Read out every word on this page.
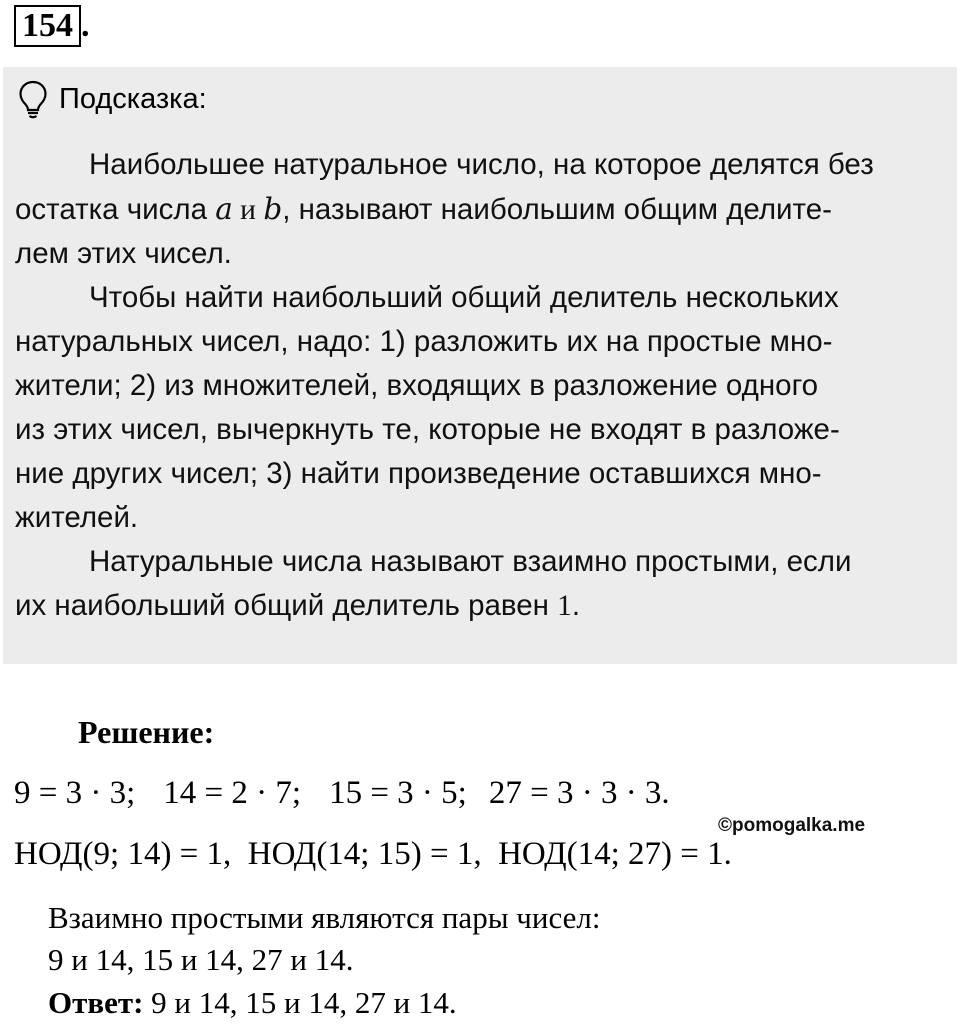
154 .
Подсказка:
Наибольшее натуральное число, на которое делятся без
остатка числа a и b, называют наибольшим общим делите-
лем этих чисел.
Чтобы найти наибольший общий делитель нескольких
натуральных чисел, надо: 1) разложить их на простые мно-
жители; 2) из множителей, входящих в разложение одного
из этих чисел, вычеркнуть те, которые не входят в разложе-
ние других чисел; 3) найти произведение оставшихся мно-
жителей.
Натуральные числа называют взаимно простыми, если
их наибольший общий делитель равен 1.
Решение:
9 = 3 · 3; 14 = 2 · 7; 15 = 3 · 5; 27 = 3 · 3 · 3.
НОД(9; 14) = 1,  НОД(14; 15) = 1,  НОД(14; 27) = 1.
Взаимно простыми являются пары чисел:
9 и 14, 15 и 14, 27 и 14.
Ответ: 9 и 14, 15 и 14, 27 и 14.
©pomogalka.me
